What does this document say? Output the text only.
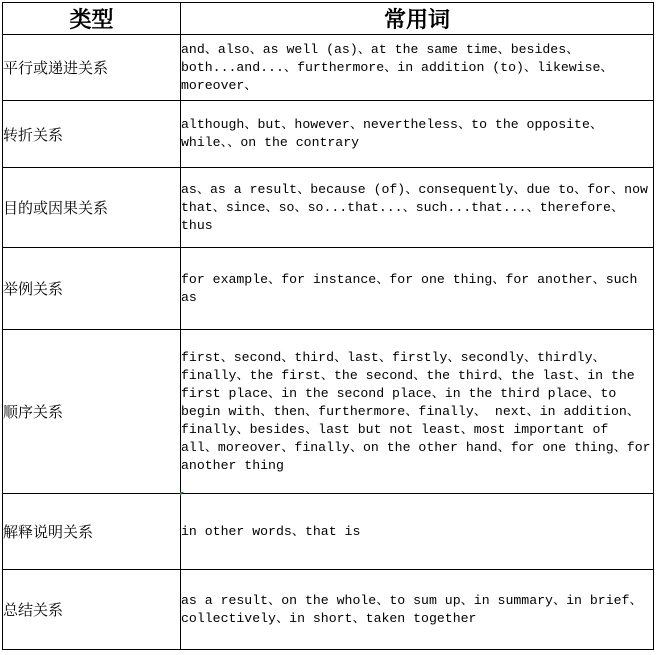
类型	常用词
平行或递进关系	and、also、as well (as)、at the same time、besides、both...and...、furthermore、in addition (to)、likewise、moreover、
转折关系	although、but、however、nevertheless、to the opposite、while、、on the contrary
目的或因果关系	as、as a result、because (of)、consequently、due to、for、now that、since、so、so...that...、such...that...、therefore、thus
举例关系	for example、for instance、for one thing、for another、such as
顺序关系	first、second、third、last、firstly、secondly、thirdly、finally、the first、the second、the third、the last、in the first place、in the second place、in the third place、to begin with、then、furthermore、finally、 next、in addition、finally、besides、last but not least、most important of all、moreover、finally、on the other hand、for one thing、for another thing
解释说明关系	in other words、that is
总结关系	as a result、on the whole、to sum up、in summary、in brief、collectively、in short、taken together
